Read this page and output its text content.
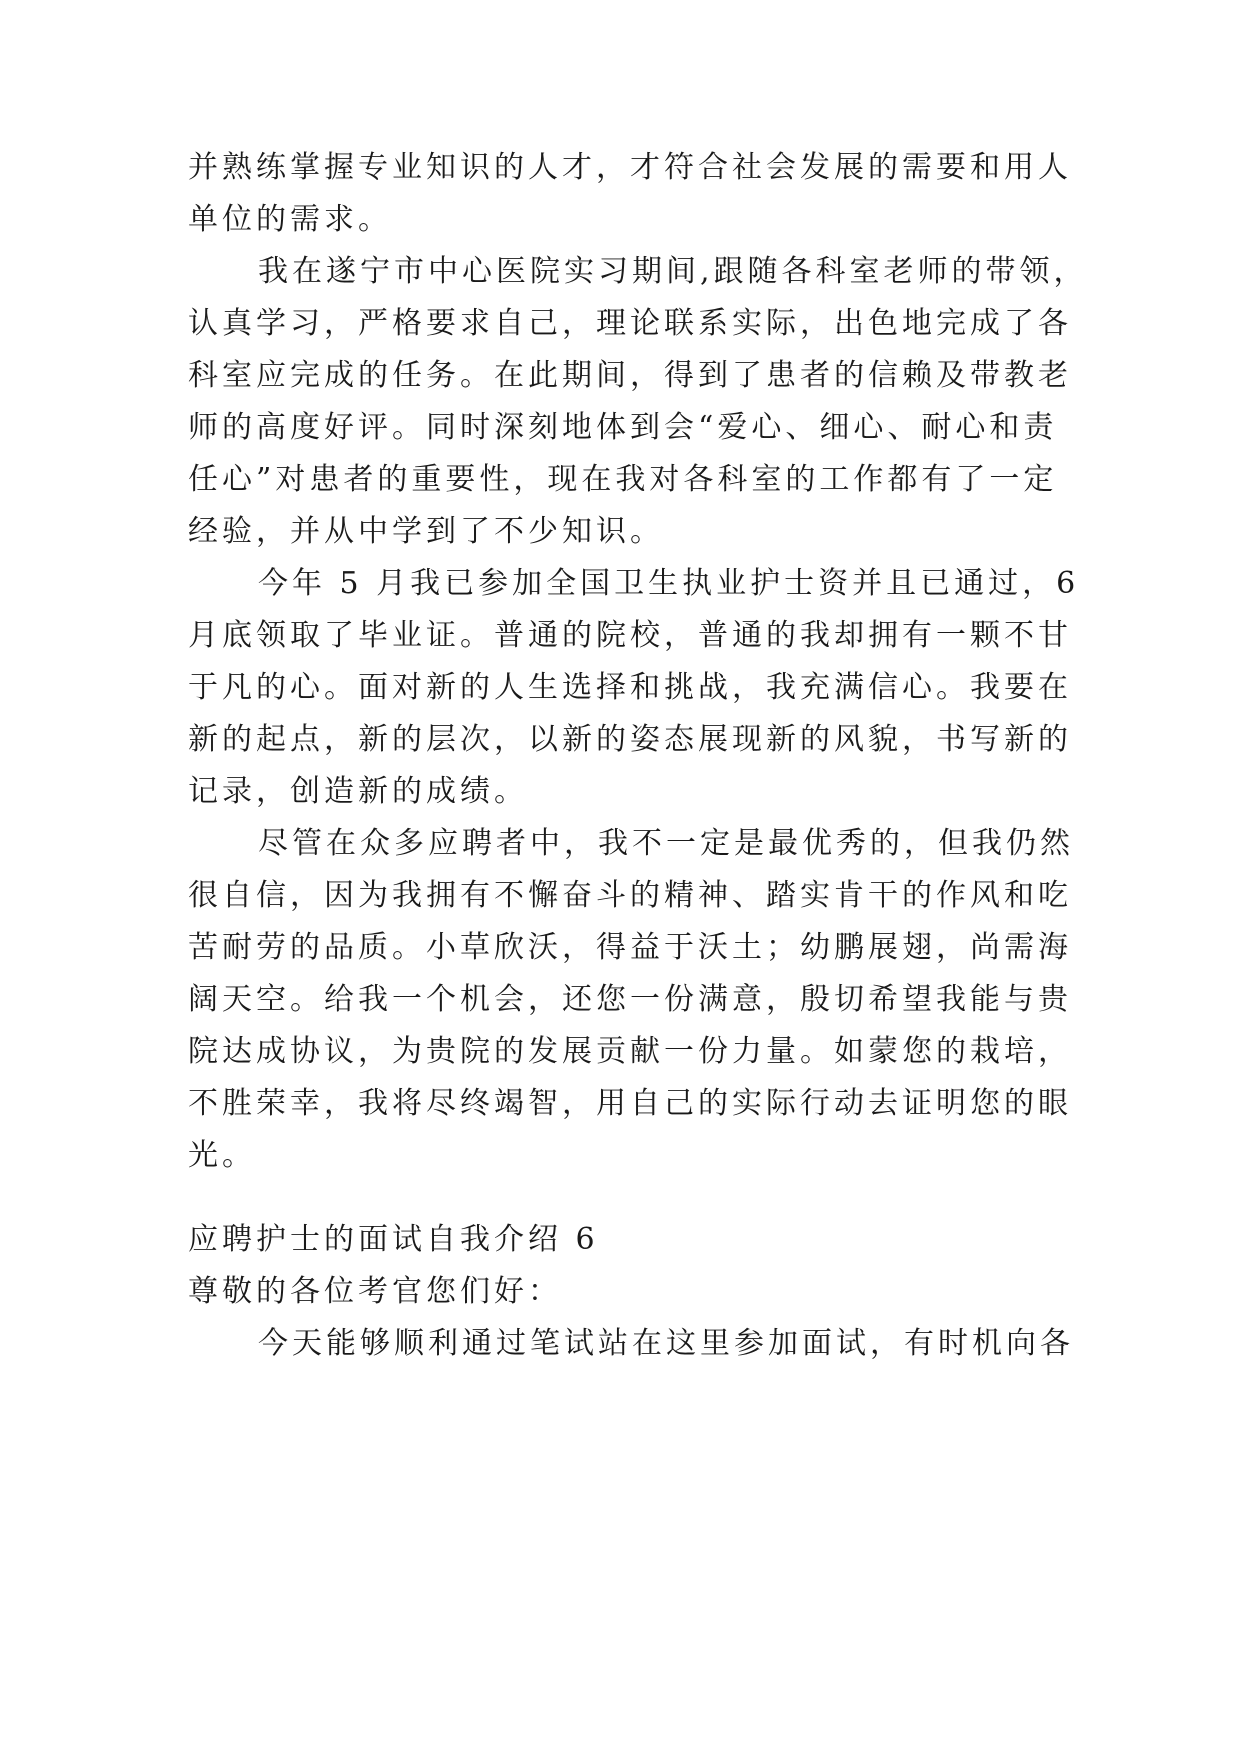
并熟练掌握专业知识的人才，才符合社会发展的需要和用人
单位的需求。
我在遂宁市中心医院实习期间,跟随各科室老师的带领，
认真学习，严格要求自己，理论联系实际，出色地完成了各
科室应完成的任务。在此期间，得到了患者的信赖及带教老
师的高度好评。同时深刻地体到会“爱心、细心、耐心和责
任心”对患者的重要性，现在我对各科室的工作都有了一定
经验，并从中学到了不少知识。
今年 5 月我已参加全国卫生执业护士资并且已通过，6
月底领取了毕业证。普通的院校，普通的我却拥有一颗不甘
于凡的心。面对新的人生选择和挑战，我充满信心。我要在
新的起点，新的层次，以新的姿态展现新的风貌，书写新的
记录，创造新的成绩。
尽管在众多应聘者中，我不一定是最优秀的，但我仍然
很自信，因为我拥有不懈奋斗的精神、踏实肯干的作风和吃
苦耐劳的品质。小草欣沃，得益于沃土；幼鹏展翅，尚需海
阔天空。给我一个机会，还您一份满意，殷切希望我能与贵
院达成协议，为贵院的发展贡献一份力量。如蒙您的栽培，
不胜荣幸，我将尽终竭智，用自己的实际行动去证明您的眼
光。
应聘护士的面试自我介绍 6
尊敬的各位考官您们好：
今天能够顺利通过笔试站在这里参加面试，有时机向各
